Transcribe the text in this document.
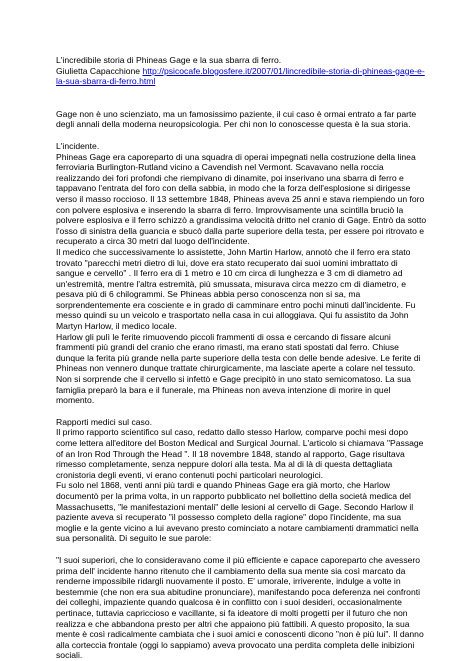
L'incredibile storia di Phineas Gage e la sua sbarra di ferro.

Giulietta Capacchione http://psicocafe.blogosfere.it/2007/01/lincredibile-storia-di-phineas-gage-e-la-sua-sbarra-di-ferro.html

Gage non è uno scienziato, ma un famosissimo paziente, il cui caso è ormai entrato a far parte degli annali della moderna neuropsicologia. Per chi non lo conoscesse questa è la sua storia.

L'incidente.

Phineas Gage era caporeparto di una squadra di operai impegnati nella costruzione della linea ferroviaria Burlington-Rutland vicino a Cavendish nel Vermont. Scavavano nella roccia realizzando dei fori profondi che riempivano di dinamite, poi inserivano una sbarra di ferro e tappavano l'entrata del foro con della sabbia, in modo che la forza dell'esplosione si dirigesse verso il masso roccioso. Il 13 settembre 1848, Phineas aveva 25 anni e stava riempiendo un foro con polvere esplosiva e inserendo la sbarra di ferro. Improvvisamente una scintilla bruciò la polvere esplosiva e il ferro schizzò a grandissima velocità dritto nel cranio di Gage. Entrò da sotto l'osso di sinistra della guancia e sbucò dalla parte superiore della testa, per essere poi ritrovato e recuperato a circa 30 metri dal luogo dell'incidente.

Il medico che successivamente lo assistette, John Martin Harlow, annotò che il ferro era stato trovato "parecchi metri dietro di lui, dove era stato recuperato dai suoi uomini imbrattato di sangue e cervello" . Il ferro era di 1 metro e 10 cm circa di lunghezza e 3 cm di diametro ad un'estremità, mentre l'altra estremità, più smussata, misurava circa mezzo cm di diametro, e pesava più di 6 chilogrammi. Se Phineas abbia perso conoscenza non si sa, ma sorprendentemente era cosciente e in grado di camminare entro pochi minuti dall'incidente. Fu messo quindi su un veicolo e trasportato nella casa in cui alloggiava. Qui fu assistito da John Martyn Harlow, il medico locale.

Harlow gli pulì le ferite rimuovendo piccoli frammenti di ossa e cercando di fissare alcuni frammenti più grandi del cranio che erano rimasti, ma erano stati spostati dal ferro. Chiuse dunque la ferita più grande nella parte superiore della testa con delle bende adesive. Le ferite di Phineas non vennero dunque trattate chirurgicamente, ma lasciate aperte a colare nel tessuto. Non si sorprende che il cervello si infettò e Gage precipitò in uno stato semicomatoso. La sua famiglia preparò la bara e il funerale, ma Phineas non aveva intenzione di morire in quel momento.

Rapporti medici sul caso.

Il primo rapporto scientifico sul caso, redatto dallo stesso Harlow, comparve pochi mesi dopo come lettera all'editore del Boston Medical and Surgical Journal. L'articolo si chiamava "Passage of an Iron Rod Through the Head ". Il 18 novembre 1848, stando al rapporto, Gage risultava rimesso completamente, senza neppure dolori alla testa. Ma al di là di questa dettagliata cronistoria degli eventi, vi erano contenuti pochi particolari neurologici.

Fu solo nel 1868, venti anni più tardi e quando Phineas Gage era già morto, che Harlow documentò per la prima volta, in un rapporto pubblicato nel bollettino della società medica del Massachusetts, "le manifestazioni mentali" delle lesioni al cervello di Gage. Secondo Harlow il paziente aveva sì recuperato "il possesso completo della ragione" dopo l'incidente, ma sua moglie e la gente vicino a lui avevano presto cominciato a notare cambiamenti drammatici nella sua personalità. Di seguito le sue parole:

"I suoi superiori, che lo consideravano come il più efficiente e capace caporeparto che avessero prima dell' incidente hanno ritenuto che il cambiamento della sua mente sia così marcato da renderne impossibile ridargli nuovamente il posto. E' umorale, irriverente, indulge a volte in bestemmie (che non era sua abitudine pronunciare), manifestando poca deferenza nei confronti dei colleghi, impaziente quando qualcosa è in conflitto con i suoi desideri, occasionalmente pertinace, tuttavia capriccioso e vacillante, si fa ideatore di molti progetti per il futuro che non realizza e che abbandona presto per altri che appaiono più fattibili. A questo proposito, la sua mente è così radicalmente cambiata che i suoi amici e conoscenti dicono "non è più lui". Il danno alla corteccia frontale (oggi lo sappiamo) aveva provocato una perdita completa delle inibizioni sociali.
